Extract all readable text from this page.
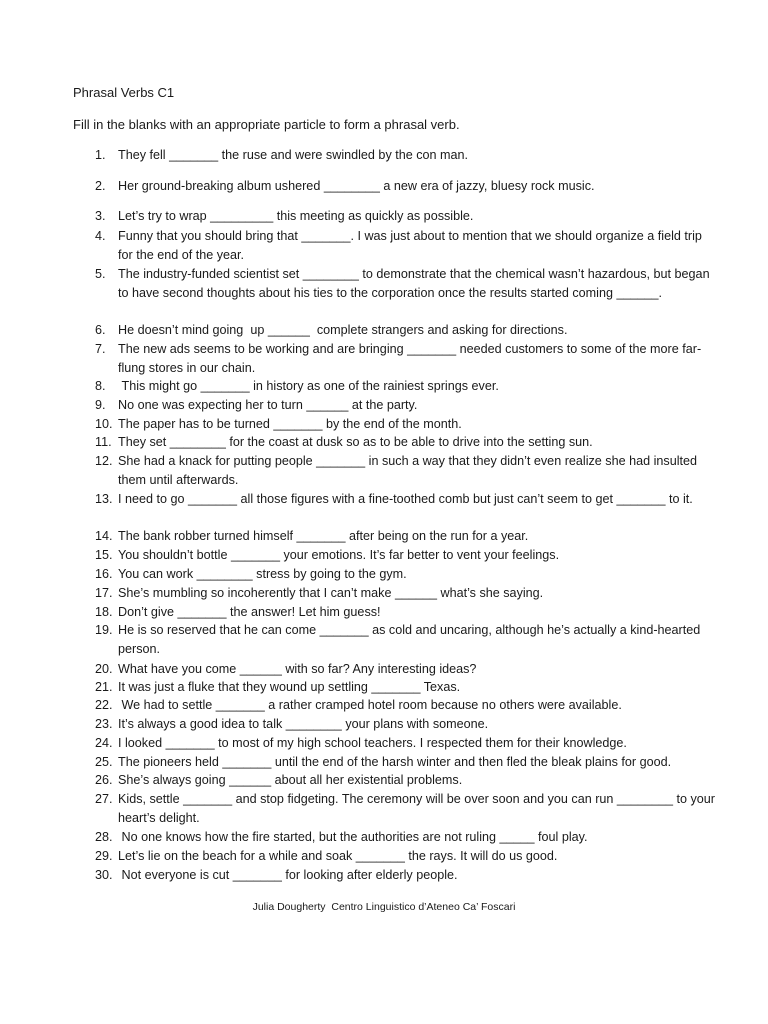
Phrasal Verbs C1
Fill in the blanks with an appropriate particle to form a phrasal verb.
1. They fell _______ the ruse and were swindled by the con man.
2. Her ground-breaking album ushered ________ a new era of jazzy, bluesy rock music.
3. Let’s try to wrap _________ this meeting as quickly as possible.
4. Funny that you should bring that _______. I was just about to mention that we should organize a field trip for the end of the year.
5. The industry-funded scientist set ________ to demonstrate that the chemical wasn’t hazardous, but began to have second thoughts about his ties to the corporation once the results started coming ______.
6. He doesn’t mind going  up ______  complete strangers and asking for directions.
7. The new ads seems to be working and are bringing _______ needed customers to some of the more far-flung stores in our chain.
8. This might go _______ in history as one of the rainiest springs ever.
9. No one was expecting her to turn ______ at the party.
10. The paper has to be turned _______ by the end of the month.
11. They set ________ for the coast at dusk so as to be able to drive into the setting sun.
12. She had a knack for putting people _______ in such a way that they didn’t even realize she had insulted them until afterwards.
13. I need to go _______ all those figures with a fine-toothed comb but just can’t seem to get _______ to it.
14. The bank robber turned himself _______ after being on the run for a year.
15. You shouldn’t bottle _______ your emotions. It’s far better to vent your feelings.
16. You can work ________ stress by going to the gym.
17. She’s mumbling so incoherently that I can’t make ______ what’s she saying.
18. Don’t give _______ the answer! Let him guess!
19. He is so reserved that he can come _______ as cold and uncaring, although he’s actually a kind-hearted person.
20. What have you come ______ with so far? Any interesting ideas?
21. It was just a fluke that they wound up settling _______ Texas.
22. We had to settle _______ a rather cramped hotel room because no others were available.
23. It’s always a good idea to talk ________ your plans with someone.
24. I looked _______ to most of my high school teachers. I respected them for their knowledge.
25. The pioneers held _______ until the end of the harsh winter and then fled the bleak plains for good.
26. She’s always going ______ about all her existential problems.
27. Kids, settle _______ and stop fidgeting. The ceremony will be over soon and you can run ________ to your heart’s delight.
28. No one knows how the fire started, but the authorities are not ruling _____ foul play.
29. Let’s lie on the beach for a while and soak _______ the rays. It will do us good.
30. Not everyone is cut _______ for looking after elderly people.
Julia Dougherty  Centro Linguistico d’Ateneo Ca’ Foscari
